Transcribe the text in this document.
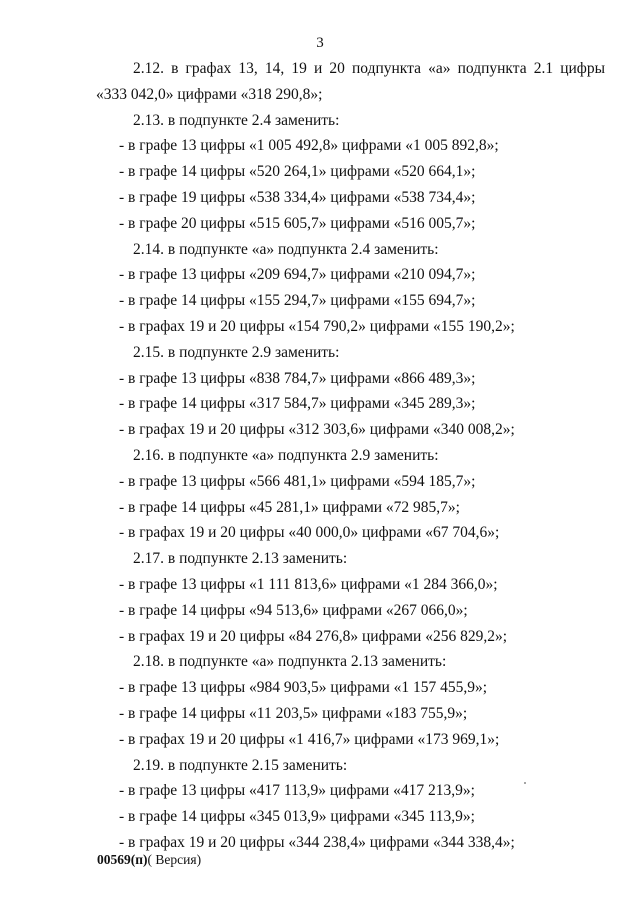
3
2.12. в графах 13, 14, 19 и 20 подпункта «а» подпункта 2.1 цифры
«333 042,0» цифрами «318 290,8»;
2.13. в подпункте 2.4 заменить:
- в графе 13 цифры «1 005 492,8» цифрами «1 005 892,8»;
- в графе 14 цифры «520 264,1» цифрами «520 664,1»;
- в графе 19 цифры «538 334,4» цифрами «538 734,4»;
- в графе 20 цифры «515 605,7» цифрами «516 005,7»;
2.14. в подпункте «а» подпункта 2.4 заменить:
- в графе 13 цифры «209 694,7» цифрами «210 094,7»;
- в графе 14 цифры «155 294,7» цифрами «155 694,7»;
- в графах 19 и 20 цифры «154 790,2» цифрами «155 190,2»;
2.15. в подпункте 2.9 заменить:
- в графе 13 цифры «838 784,7» цифрами «866 489,3»;
- в графе 14 цифры «317 584,7» цифрами «345 289,3»;
- в графах 19 и 20 цифры «312 303,6» цифрами «340 008,2»;
2.16. в подпункте «а» подпункта 2.9 заменить:
- в графе 13 цифры «566 481,1» цифрами «594 185,7»;
- в графе 14 цифры «45 281,1» цифрами «72 985,7»;
- в графах 19 и 20 цифры «40 000,0» цифрами «67 704,6»;
2.17. в подпункте 2.13 заменить:
- в графе 13 цифры «1 111 813,6» цифрами «1 284 366,0»;
- в графе 14 цифры «94 513,6» цифрами «267 066,0»;
- в графах 19 и 20 цифры «84 276,8» цифрами «256 829,2»;
2.18. в подпункте «а» подпункта 2.13 заменить:
- в графе 13 цифры «984 903,5» цифрами «1 157 455,9»;
- в графе 14 цифры «11 203,5» цифрами «183 755,9»;
- в графах 19 и 20 цифры «1 416,7» цифрами «173 969,1»;
2.19. в подпункте 2.15 заменить:
- в графе 13 цифры «417 113,9» цифрами «417 213,9»;
- в графе 14 цифры «345 013,9» цифрами «345 113,9»;
- в графах 19 и 20 цифры «344 238,4» цифрами «344 338,4»;
00569(п)( Версия)
